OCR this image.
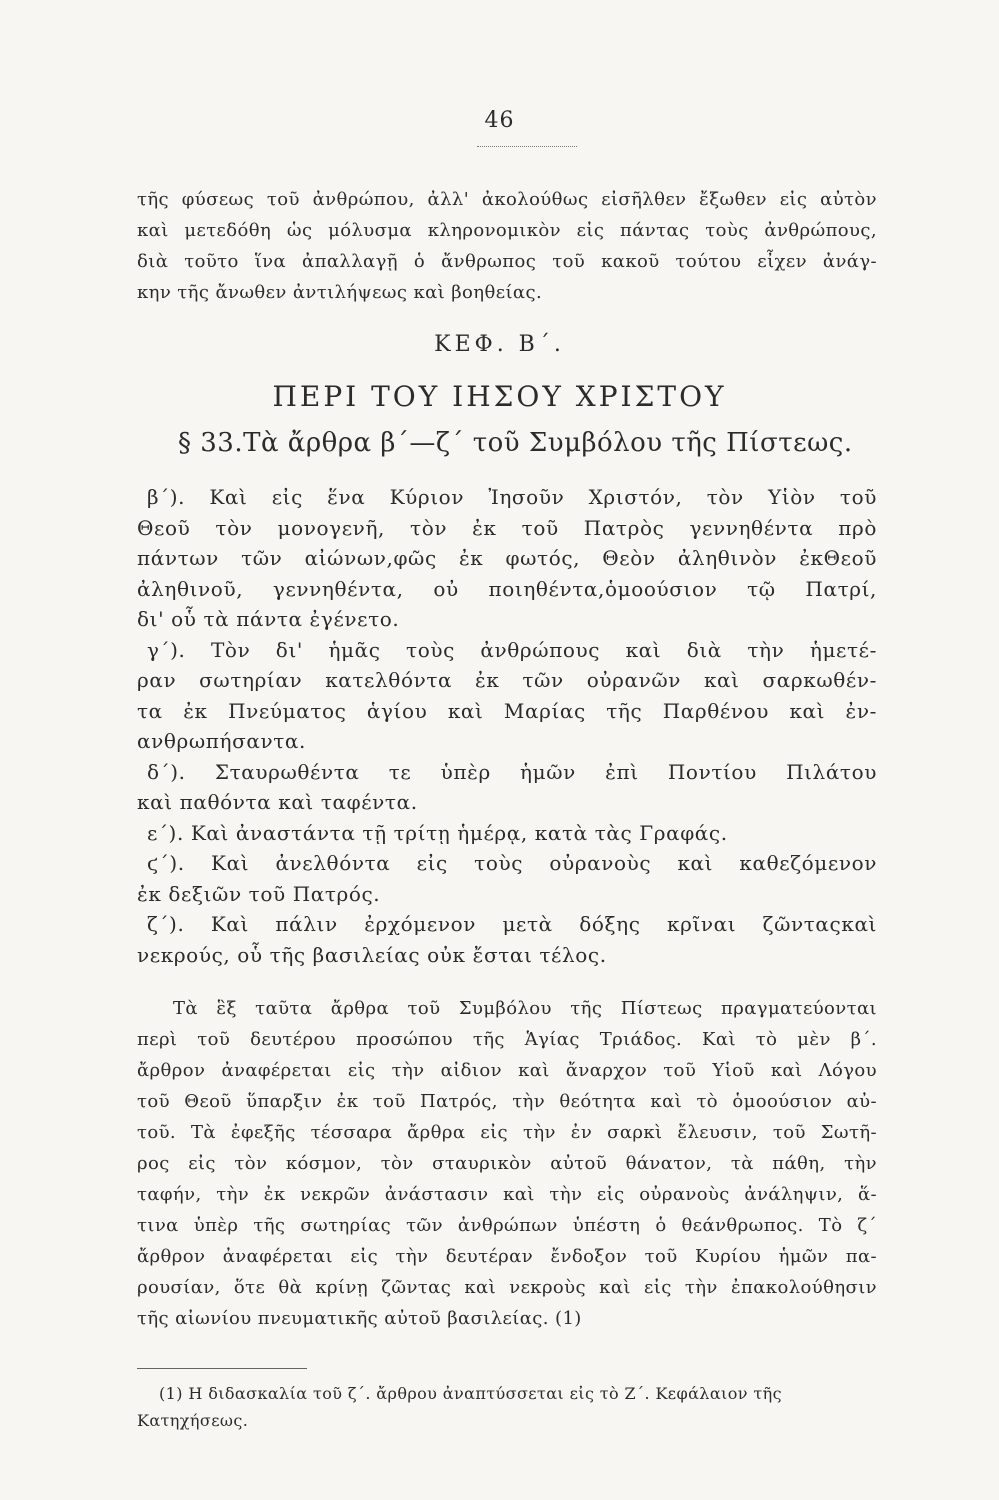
46
τῆς φύσεως τοῦ ἀνθρώπου, ἀλλ' ἀκολούθως εἰσῆλθεν ἔξωθεν εἰς αὐτὸν
καὶ μετεδόθη ὡς μόλυσμα κληρονομικὸν εἰς πάντας τοὺς ἀνθρώπους,
διὰ τοῦτο ἵνα ἀπαλλαγῇ ὁ ἄνθρωπος τοῦ κακοῦ τούτου εἶχεν ἀνάγ-
κην τῆς ἄνωθεν ἀντιλήψεως καὶ βοηθείας.
ΚΕΦ. Β΄.
ΠΕΡΙ ΤΟΥ ΙΗΣΟΥ ΧΡΙΣΤΟΥ
§ 33.Τὰ ἄρθρα β΄—ζ΄ τοῦ Συμβόλου τῆς Πίστεως.
β΄). Καὶ εἰς ἕνα Κύριον Ἰησοῦν Χριστόν, τὸν Υἱὸν τοῦ
Θεοῦ τὸν μονογενῆ, τὸν ἐκ τοῦ Πατρὸς γεννηθέντα πρὸ
πάντων τῶν αἰώνων,φῶς ἐκ φωτός, Θεὸν ἀληθινὸν ἐκΘεοῦ
ἀληθινοῦ, γεννηθέντα, οὐ ποιηθέντα,ὁμοούσιον τῷ Πατρί,
δι' οὗ τὰ πάντα ἐγένετο.
γ΄). Τὸν δι' ἡμᾶς τοὺς ἀνθρώπους καὶ διὰ τὴν ἡμετέ-
ραν σωτηρίαν κατελθόντα ἐκ τῶν οὐρανῶν καὶ σαρκωθέν-
τα ἐκ Πνεύματος ἁγίου καὶ Μαρίας τῆς Παρθένου καὶ ἐν-
ανθρωπήσαντα.
δ΄). Σταυρωθέντα τε ὑπὲρ ἡμῶν ἐπὶ Ποντίου Πιλάτου
καὶ παθόντα καὶ ταφέντα.
ε΄). Καὶ ἀναστάντα τῇ τρίτῃ ἡμέρᾳ, κατὰ τὰς Γραφάς.
ϛ΄). Καὶ ἀνελθόντα εἰς τοὺς οὐρανοὺς καὶ καθεζόμενον
ἐκ δεξιῶν τοῦ Πατρός.
ζ΄). Καὶ πάλιν ἐρχόμενον μετὰ δόξης κρῖναι ζῶνταςκαὶ
νεκρούς, οὗ τῆς βασιλείας οὐκ ἔσται τέλος.
Τὰ ἓξ ταῦτα ἄρθρα τοῦ Συμβόλου τῆς Πίστεως πραγματεύονται
περὶ τοῦ δευτέρου προσώπου τῆς Ἁγίας Τριάδος. Καὶ τὸ μὲν β΄.
ἄρθρον ἀναφέρεται εἰς τὴν αἰδιον καὶ ἄναρχον τοῦ Υἱοῦ καὶ Λόγου
τοῦ Θεοῦ ὕπαρξιν ἐκ τοῦ Πατρός, τὴν θεότητα καὶ τὸ ὁμοούσιον αὐ-
τοῦ. Τὰ ἐφεξῆς τέσσαρα ἄρθρα εἰς τὴν ἐν σαρκὶ ἔλευσιν, τοῦ Σωτῆ-
ρος εἰς τὸν κόσμον, τὸν σταυρικὸν αὐτοῦ θάνατον, τὰ πάθη, τὴν
ταφήν, τὴν ἐκ νεκρῶν ἀνάστασιν καὶ τὴν εἰς οὐρανοὺς ἀνάληψιν, ἅ-
τινα ὑπὲρ τῆς σωτηρίας τῶν ἀνθρώπων ὑπέστη ὁ θεάνθρωπος. Τὸ ζ΄
ἄρθρον ἀναφέρεται εἰς τὴν δευτέραν ἔνδοξον τοῦ Κυρίου ἡμῶν πα-
ρουσίαν, ὅτε θὰ κρίνῃ ζῶντας καὶ νεκροὺς καὶ εἰς τὴν ἐπακολούθησιν
τῆς αἰωνίου πνευματικῆς αὐτοῦ βασιλείας. (1)
(1) Η διδασκαλία τοῦ ζ΄. ἄρθρου ἀναπτύσσεται εἰς τὸ Ζ΄. Κεφάλαιον τῆς
Κατηχήσεως.
